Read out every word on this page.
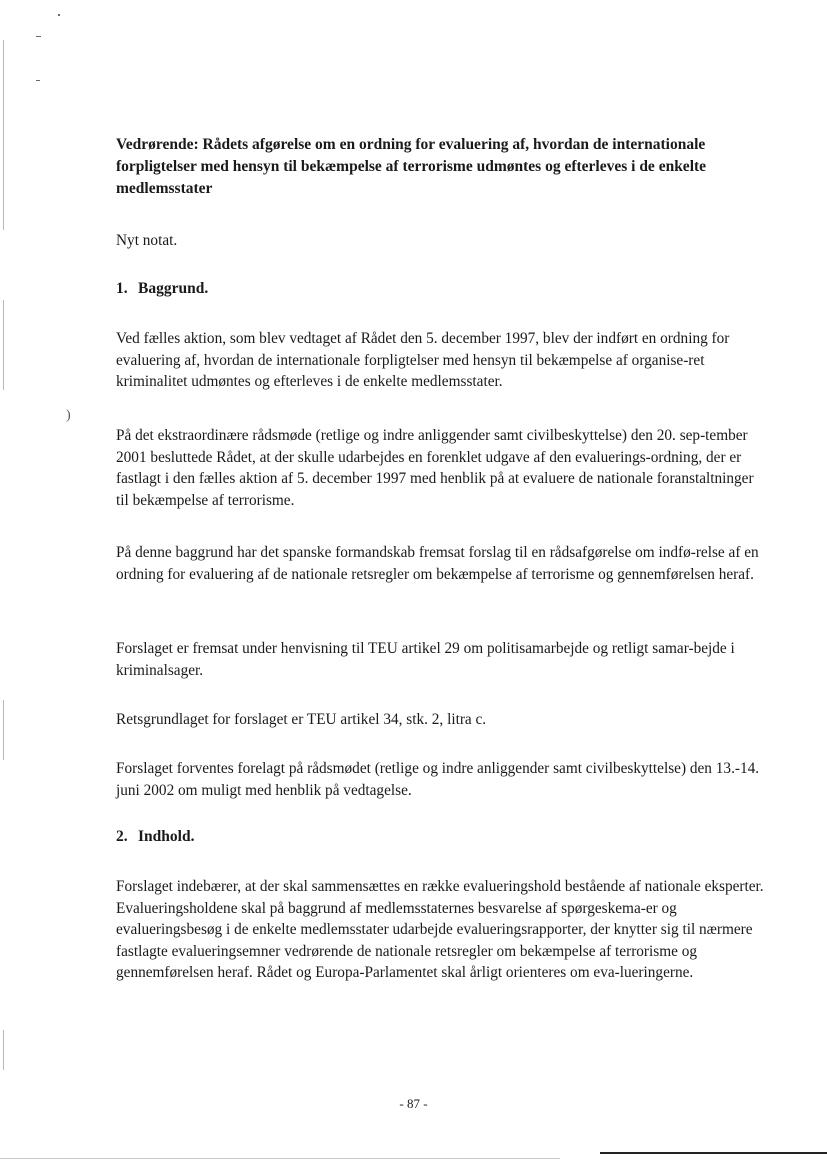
)
Vedrørende: Rådets afgørelse om en ordning for evaluering af, hvordan de internationale forpligtelser med hensyn til bekæmpelse af terrorisme udmøntes og efterleves i de enkelte medlemsstater
Nyt notat.
1. Baggrund.

Ved fælles aktion, som blev vedtaget af Rådet den 5. december 1997, blev der indført en ordning for evaluering af, hvordan de internationale forpligtelser med hensyn til bekæmpelse af organise-ret kriminalitet udmøntes og efterleves i de enkelte medlemsstater.

På det ekstraordinære rådsmøde (retlige og indre anliggender samt civilbeskyttelse) den 20. sep-tember 2001 besluttede Rådet, at der skulle udarbejdes en forenklet udgave af den evaluerings-ordning, der er fastlagt i den fælles aktion af 5. december 1997 med henblik på at evaluere de nationale foranstaltninger til bekæmpelse af terrorisme.

På denne baggrund har det spanske formandskab fremsat forslag til en rådsafgørelse om indfø-relse af en ordning for evaluering af de nationale retsregler om bekæmpelse af terrorisme og gennemførelsen heraf.

Forslaget er fremsat under henvisning til TEU artikel 29 om politisamarbejde og retligt samar-bejde i kriminalsager.

Retsgrundlaget for forslaget er TEU artikel 34, stk. 2, litra c.

Forslaget forventes forelagt på rådsmødet (retlige og indre anliggender samt civilbeskyttelse) den 13.-14. juni 2002 om muligt med henblik på vedtagelse.

2. Indhold.

Forslaget indebærer, at der skal sammensættes en række evalueringshold bestående af nationale eksperter. Evalueringsholdene skal på baggrund af medlemsstaternes besvarelse af spørgeskema-er og evalueringsbesøg i de enkelte medlemsstater udarbejde evalueringsrapporter, der knytter sig til nærmere fastlagte evalueringsemner vedrørende de nationale retsregler om bekæmpelse af terrorisme og gennemførelsen heraf. Rådet og Europa-Parlamentet skal årligt orienteres om eva-lueringerne.

- 87 -
